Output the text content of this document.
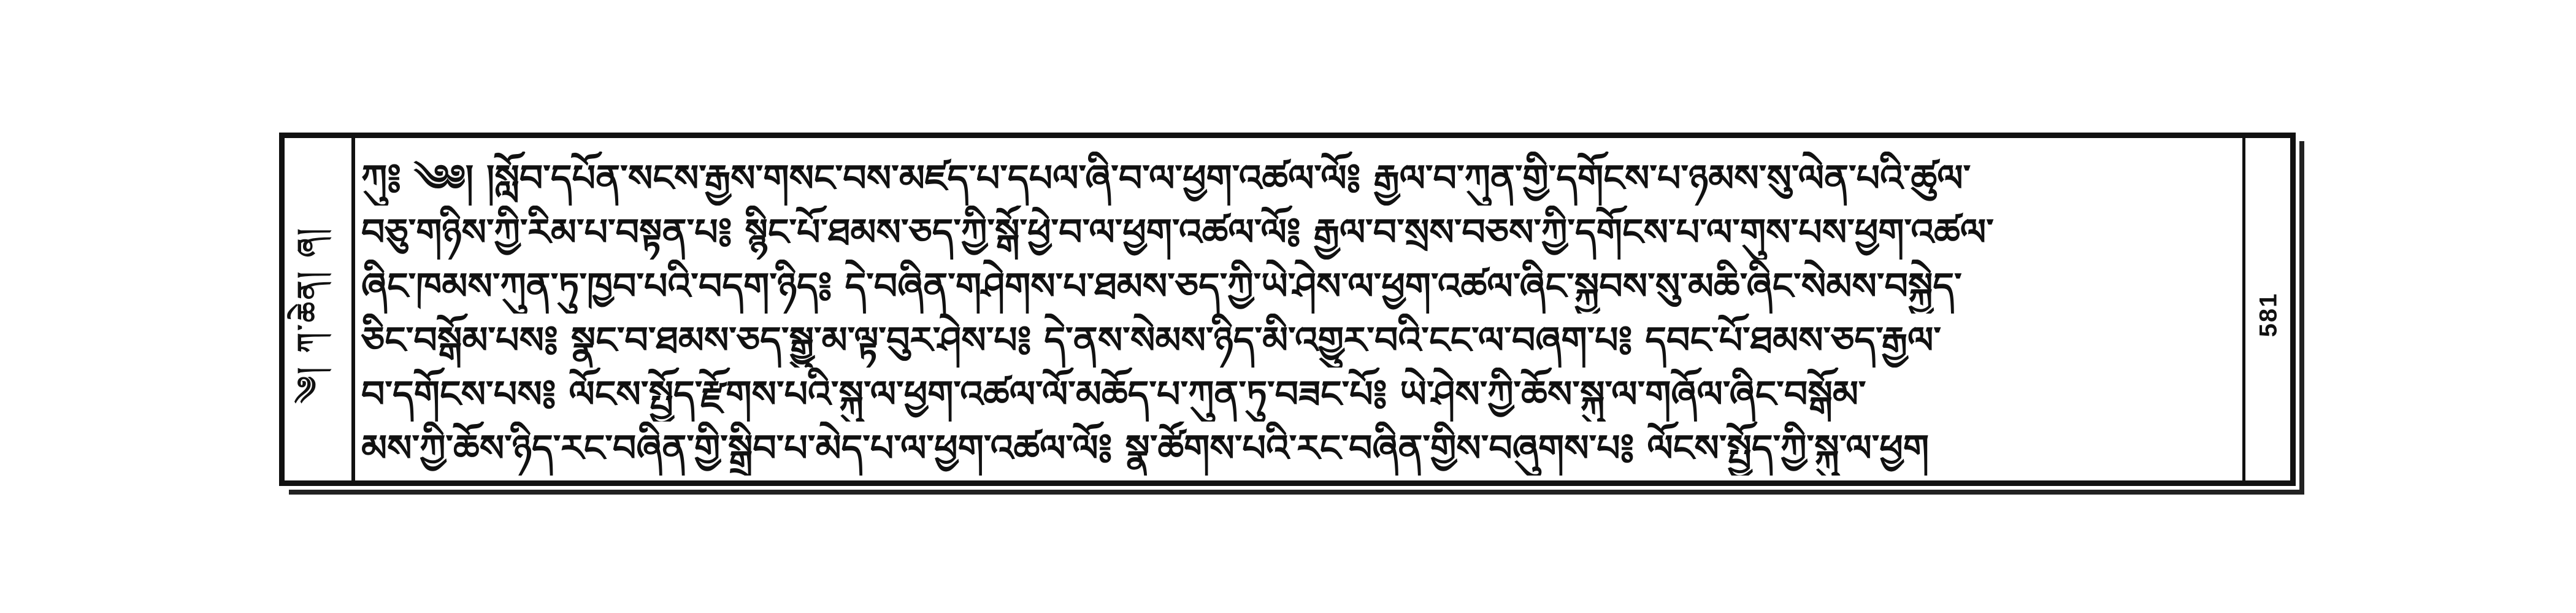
༄། ཀ་ཆེན། ཞ།
ཀུ༔ ༄༅། །སློབ་དཔོན་སངས་རྒྱས་གསང་བས་མཛད་པ་དཔལ་ཞི་བ་ལ་ཕྱག་འཚལ་ལོ༔ རྒྱལ་བ་ཀུན་གྱི་དགོངས་པ་ཉམས་སུ་ལེན་པའི་ཚུལ་
བཅུ་གཉིས་ཀྱི་རིམ་པ་བསྟན་པ༔ སྙིང་པོ་ཐམས་ཅད་ཀྱི་སྒོ་ཕྱེ་བ་ལ་ཕྱག་འཚལ་ལོ༔ རྒྱལ་བ་སྲས་བཅས་ཀྱི་དགོངས་པ་ལ་གུས་པས་ཕྱག་འཚལ་
ཞིང་ཁམས་ཀུན་ཏུ་ཁྱབ་པའི་བདག་ཉིད༔ དེ་བཞིན་གཤེགས་པ་ཐམས་ཅད་ཀྱི་ཡེ་ཤེས་ལ་ཕྱག་འཚལ་ཞིང་སྐྱབས་སུ་མཆི་ཞིང་སེམས་བསྐྱེད་
ཅིང་བསྒོམ་པས༔ སྣང་བ་ཐམས་ཅད་སྒྱུ་མ་ལྟ་བུར་ཤེས་པ༔ དེ་ནས་སེམས་ཉིད་མི་འགྱུར་བའི་ངང་ལ་བཞག་པ༔ དབང་པོ་ཐམས་ཅད་རྒྱལ་
བ་དགོངས་པས༔ ལོངས་སྤྱོད་རྫོགས་པའི་སྐུ་ལ་ཕྱག་འཚལ་ལོ་མཆོད་པ་ཀུན་ཏུ་བཟང་པོ༔ ཡེ་ཤེས་ཀྱི་ཆོས་སྐུ་ལ་གཞོལ་ཞིང་བསྒོམ་
མས་ཀྱི་ཆོས་ཉིད་རང་བཞིན་གྱི་སྒྲིབ་པ་མེད་པ་ལ་ཕྱག་འཚལ་ལོ༔ སྣ་ཚོགས་པའི་རང་བཞིན་གྱིས་བཞུགས་པ༔ ལོངས་སྤྱོད་ཀྱི་སྐུ་ལ་ཕྱག
581
